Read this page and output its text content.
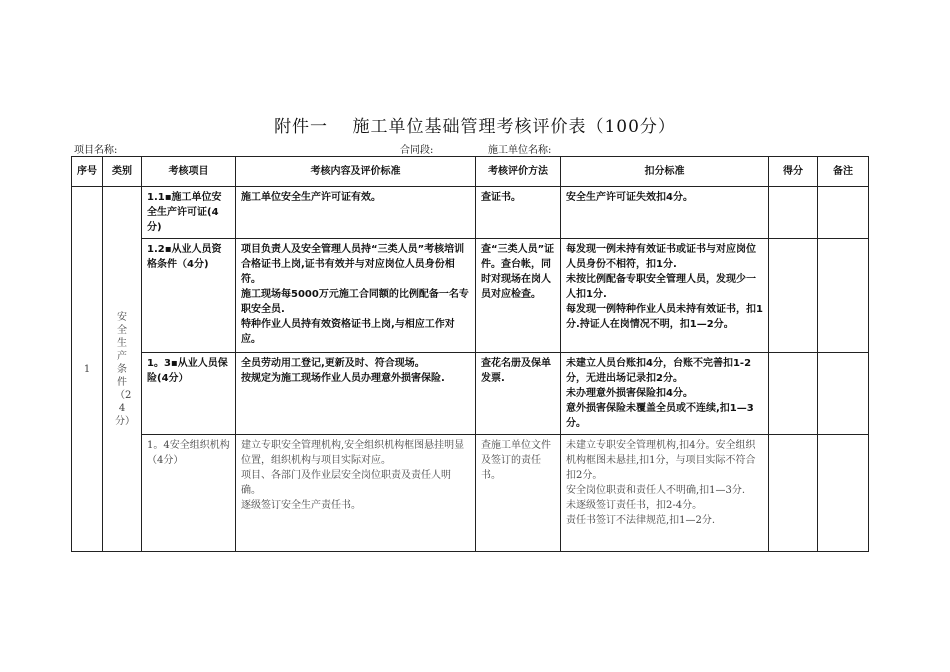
附件一　 施工单位基础管理考核评价表（100分）
项目名称:	合同段:	施工单位名称:
序号	类别	考核项目	考核内容及评价标准	考核评价方法	扣分标准	得分	备注
1	安全生产条件（24分）	1.1▪施工单位安全生产许可证(4分)	施工单位安全生产许可证有效。	查证书。	安全生产许可证失效扣4分。		

		1.2▪从业人员资格条件（4分)	项目负责人及安全管理人员持“三类人员”考核培训合格证书上岗,证书有效并与对应岗位人员身份相符。
施工现场每5000万元施工合同额的比例配备一名专职安全员.
特种作业人员持有效资格证书上岗,与相应工作对应。	查“三类人员”证件。查台帐，同时对现场在岗人员对应检查。	每发现一例未持有效证书或证书与对应岗位人员身份不相符，扣1分.
未按比例配备专职安全管理人员，发现少一人扣1分.
每发现一例特种作业人员未持有效证书，扣1分.持证人在岗情况不明，扣1—2分。		

		1。3▪从业人员保险(4分）	全员劳动用工登记,更新及时、符合现场。
按规定为施工现场作业人员办理意外损害保险.	查花名册及保单发票.	未建立人员台账扣4分，台账不完善扣1-2分，无进出场记录扣2分。
未办理意外损害保险扣4分。
意外损害保险未覆盖全员或不连续,扣1—3分。		

		1。4安全组织机构（4分）	建立专职安全管理机构,安全组织机构框图悬挂明显位置，组织机构与项目实际对应。
项目、各部门及作业层安全岗位职责及责任人明确。
逐级签订安全生产责任书。	查施工单位文件及签订的责任书。	未建立专职安全管理机构,扣4分。安全组织机构框图未悬挂,扣1分，与项目实际不符合扣2分。
安全岗位职责和责任人不明确,扣1—3分.
未逐级签订责任书，扣2-4分。
责任书签订不法律规范,扣1—2分.		
